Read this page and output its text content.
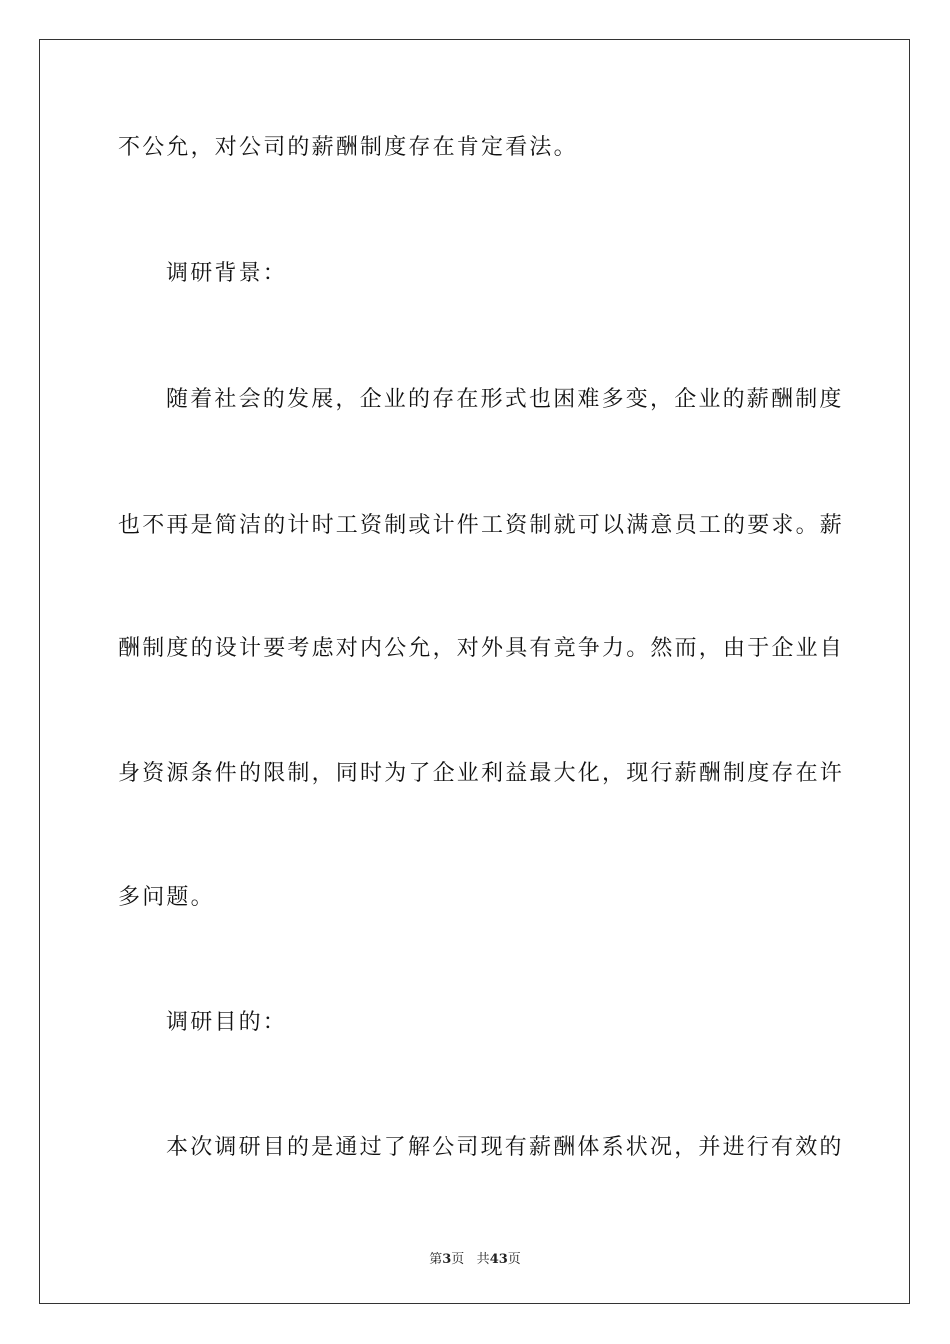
不公允，对公司的薪酬制度存在肯定看法。
调研背景：
随着社会的发展，企业的存在形式也困难多变，企业的薪酬制度
也不再是简洁的计时工资制或计件工资制就可以满意员工的要求。薪
酬制度的设计要考虑对内公允，对外具有竞争力。然而，由于企业自
身资源条件的限制，同时为了企业利益最大化，现行薪酬制度存在许
多问题。
调研目的：
本次调研目的是通过了解公司现有薪酬体系状况，并进行有效的
第3页 共43页
